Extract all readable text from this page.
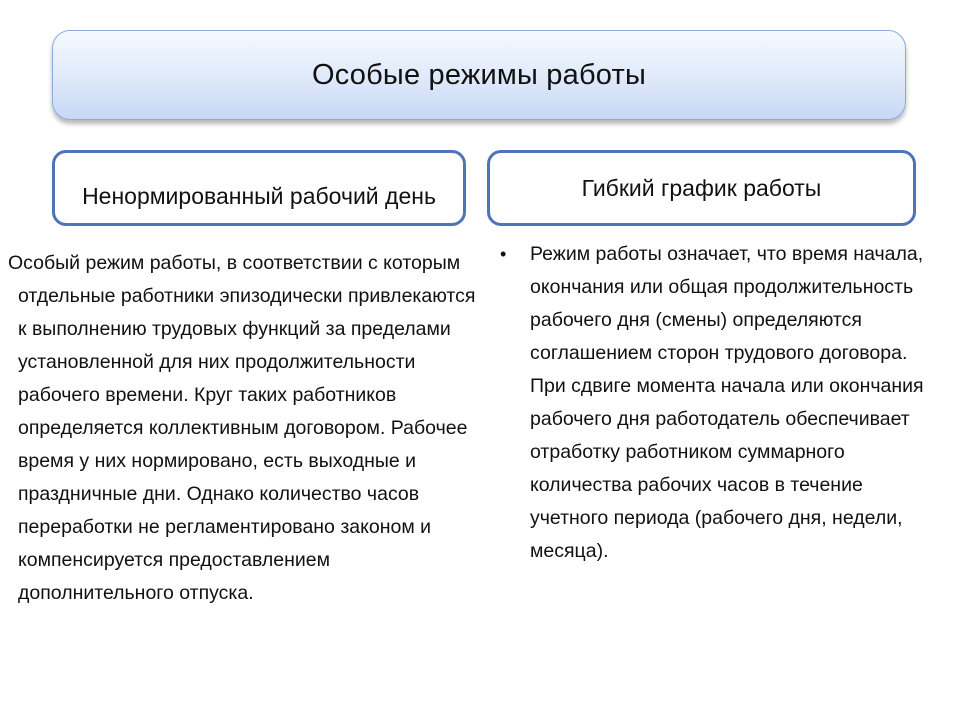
Особые режимы работы
Ненормированный рабочий день	Гибкий график работы

Особый режим работы, в соответствии с которым отдельные работники эпизодически привлекаются к выполнению трудовых функций за пределами установленной для них продолжительности рабочего времени. Круг таких работников определяется коллективным договором. Рабочее время у них нормировано, есть выходные и праздничные дни. Однако количество часов переработки не регламентировано законом и компенсируется предоставлением дополнительного отпуска.

•	Режим работы означает, что время начала, окончания или общая продолжительность рабочего дня (смены) определяются соглашением сторон трудового договора. При сдвиге момента начала или окончания рабочего дня работодатель обеспечивает отработку работником суммарного количества рабочих часов в течение учетного периода (рабочего дня, недели, месяца).
